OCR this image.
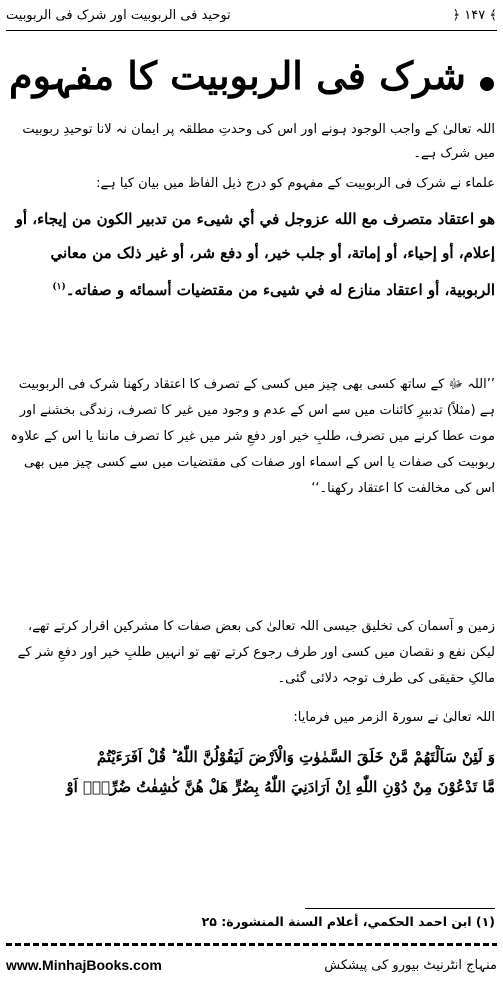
توحید فی الربوبیت اور شرک فی الربوبیت	﴾ ۱۴۷ ﴿
شرک فی الربوبیت کا مفہوم
اللہ تعالیٰ کے واجب الوجود ہونے اور اس کی وحدتِ مطلقہ پر ایمان نہ لانا توحیدِ ربوبیت میں شرک ہے۔
علماء نے شرک فی الربوبیت کے مفہوم کو درج ذیل الفاظ میں بیان کیا ہے:
هو اعتقاد متصرف مع الله عزوجل في أي شيىء من تدبير الكون من إيجاء، أو إعلام، أو إحياء، أو إماتة، أو جلب خير، أو دفع شر، أو غير ذلک من معاني الربوبية، أو اعتقاد منازع له في شيىء من مقتضيات أسمائه و صفاته۔$^{(۱)}$
’’اللہ ﷻ کے ساتھ کسی بھی چیز میں کسی کے تصرف کا اعتقاد رکھنا شرک فی الربوبیت ہے (مثلاً) تدبیرِ کائنات میں سے اس کے عدم و وجود میں غیر کا تصرف، زندگی بخشنے اور موت عطا کرنے میں تصرف، طلبِ خیر اور دفعِ شر میں غیر کا تصرف ماننا یا اس کے علاوہ ربوبیت کی صفات یا اس کے اسماء اور صفات کی مقتضیات میں سے کسی چیز میں بھی اس کی مخالفت کا اعتقاد رکھنا۔‘‘
زمین و آسمان کی تخلیق جیسی اللہ تعالیٰ کی بعض صفات کا مشرکین اقرار کرتے تھے، لیکن نفع و نقصان میں کسی اور طرف رجوع کرتے تھے تو انہیں طلبِ خیر اور دفعِ شر کے مالکِ حقیقی کی طرف توجہ دلائی گئی۔
اللہ تعالیٰ نے سورۃ الزمر میں فرمایا:
وَ لَئِنْ سَاَلْتَهُمْ مَّنْ خَلَقَ السَّمٰوٰتِ وَالْاَرْضَ لَيَقُوْلُنَّ اللّٰهُ ؕ قُلْ اَفَرَءَيْتُمْ
مَّا تَدْعُوْنَ مِنْ دُوْنِ اللّٰهِ اِنْ اَرَادَنِيَ اللّٰهُ بِضُرٍّ هَلْ هُنَّ كٰشِفٰتُ ضُرِّهٖۤ اَوْ
(۱) ابن احمد الحكمي، أعلام السنة المنشورة: ۲۵
www.MinhajBooks.com	منہاج انٹرنیٹ بیورو کی پیشکش
